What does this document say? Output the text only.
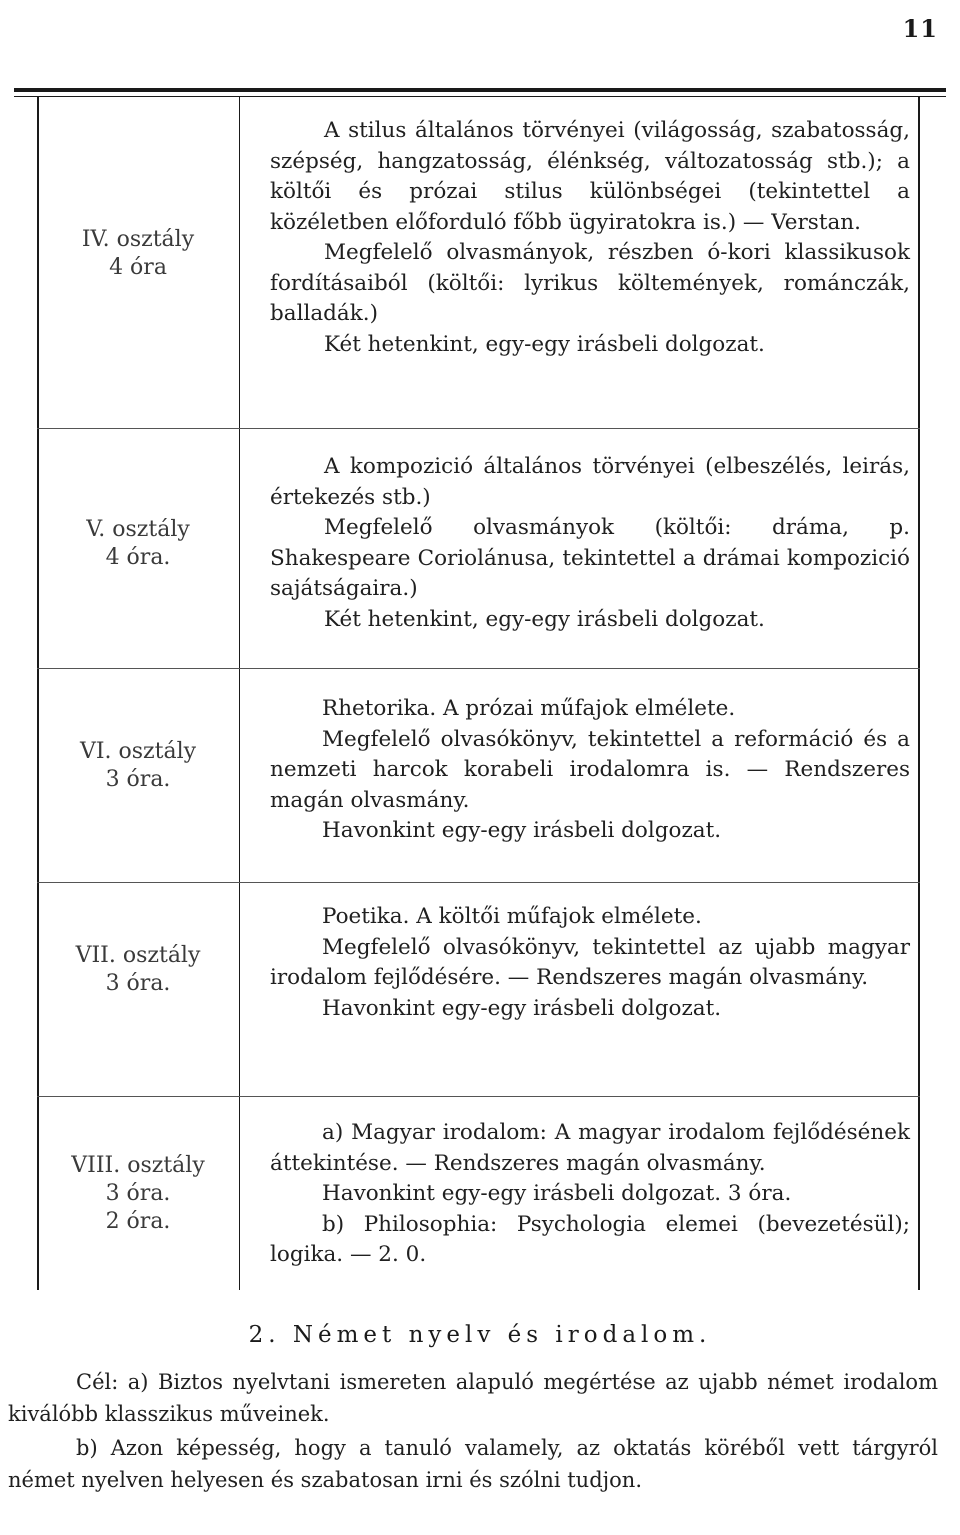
11
IV. osztály
4 óra

A stilus általános törvényei (világosság, szabatosság, szépség, hangzatosság, élénkség, változatosság stb.); a költői és prózai stilus különbségei (tekintettel a közéletben előforduló főbb ügyiratokra is.) — Verstan.

Megfelelő olvasmányok, részben ó-kori klassikusok fordításaiból (költői: lyrikus költemények, románczák, balladák.)

Két hetenkint, egy-egy irásbeli dolgozat.

V. osztály
4 óra.

A kompozició általános törvényei (elbeszélés, leirás, értekezés stb.)

Megfelelő olvasmányok (költői: dráma, p. Shakespeare Coriolánusa, tekintettel a drámai kompozició sajátságaira.)

Két hetenkint, egy-egy irásbeli dolgozat.

VI. osztály
3 óra.

Rhetorika. A prózai műfajok elmélete.

Megfelelő olvasókönyv, tekintettel a reformáció és a nemzeti harcok korabeli irodalomra is. — Rendszeres magán olvasmány.

Havonkint egy-egy irásbeli dolgozat.

VII. osztály
3 óra.

Poetika. A költői műfajok elmélete.

Megfelelő olvasókönyv, tekintettel az ujabb magyar irodalom fejlődésére. — Rendszeres magán olvasmány.

Havonkint egy-egy irásbeli dolgozat.

VIII. osztály
3 óra.
2 óra.

a) Magyar irodalom: A magyar irodalom fejlődésének áttekintése. — Rendszeres magán olvasmány.

Havonkint egy-egy irásbeli dolgozat. 3 óra.

b) Philosophia: Psychologia elemei (bevezetésül); logika. — 2. 0.

2. Német nyelv és irodalom.

Cél: a) Biztos nyelvtani ismereten alapuló megértése az ujabb német irodalom kiválóbb klasszikus műveinek.

b) Azon képesség, hogy a tanuló valamely, az oktatás köréből vett tárgyról német nyelven helyesen és szabatosan irni és szólni tudjon.
